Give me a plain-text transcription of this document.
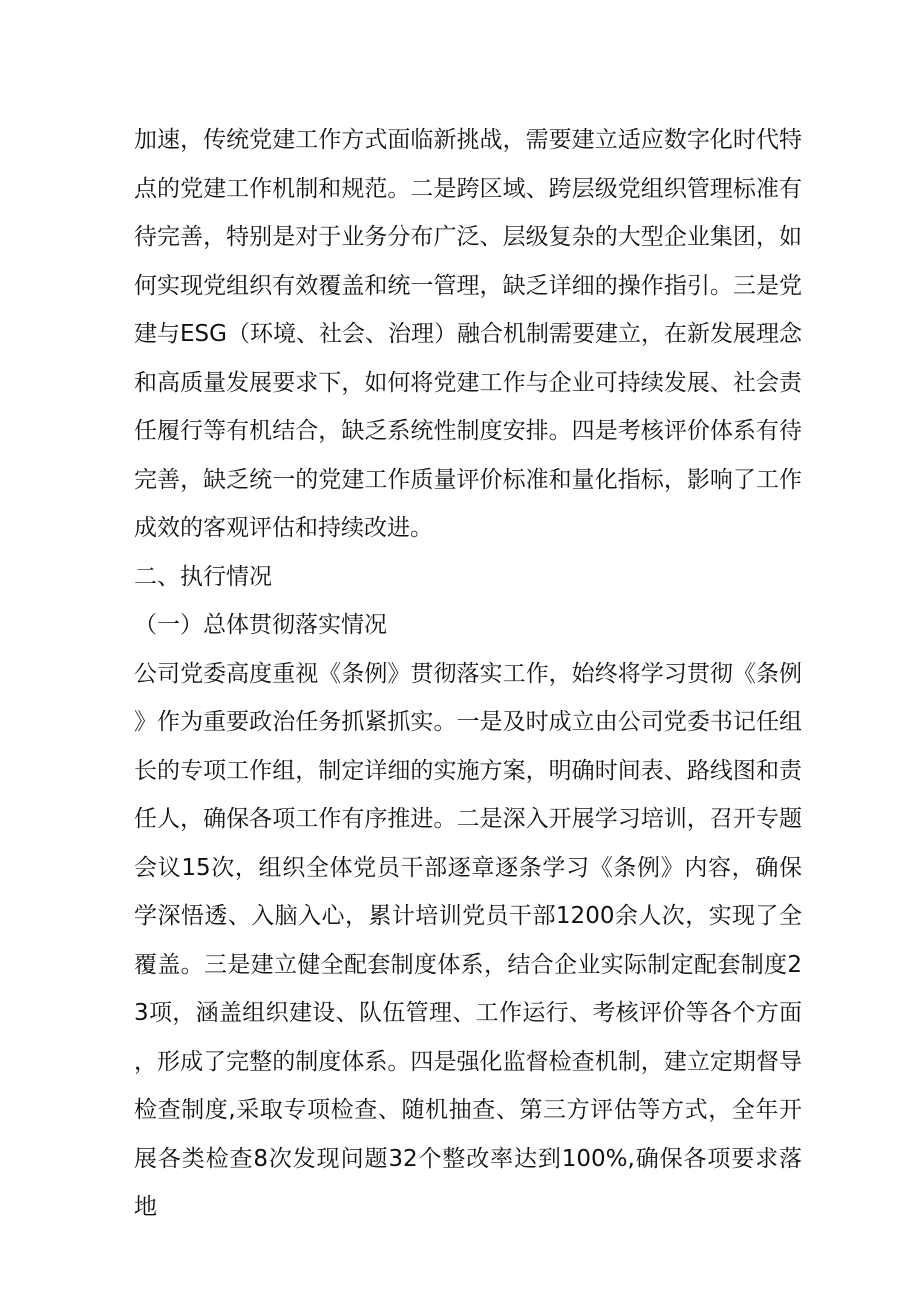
加速，传统党建工作方式面临新挑战，需要建立适应数字化时代特点的党建工作机制和规范。二是跨区域、跨层级党组织管理标准有待完善，特别是对于业务分布广泛、层级复杂的大型企业集团，如何实现党组织有效覆盖和统一管理，缺乏详细的操作指引。三是党建与ESG（环境、社会、治理）融合机制需要建立，在新发展理念和高质量发展要求下，如何将党建工作与企业可持续发展、社会责任履行等有机结合，缺乏系统性制度安排。四是考核评价体系有待完善，缺乏统一的党建工作质量评价标准和量化指标，影响了工作成效的客观评估和持续改进。

二、执行情况

（一）总体贯彻落实情况

公司党委高度重视《条例》贯彻落实工作，始终将学习贯彻《条例》作为重要政治任务抓紧抓实。一是及时成立由公司党委书记任组长的专项工作组，制定详细的实施方案，明确时间表、路线图和责任人，确保各项工作有序推进。二是深入开展学习培训，召开专题会议15次，组织全体党员干部逐章逐条学习《条例》内容，确保学深悟透、入脑入心，累计培训党员干部1200余人次，实现了全覆盖。三是建立健全配套制度体系，结合企业实际制定配套制度23项，涵盖组织建设、队伍管理、工作运行、考核评价等各个方面，形成了完整的制度体系。四是强化监督检查机制，建立定期督导检查制度,采取专项检查、随机抽查、第三方评估等方式，全年开展各类检查8次发现问题32个整改率达到100%,确保各项要求落地
